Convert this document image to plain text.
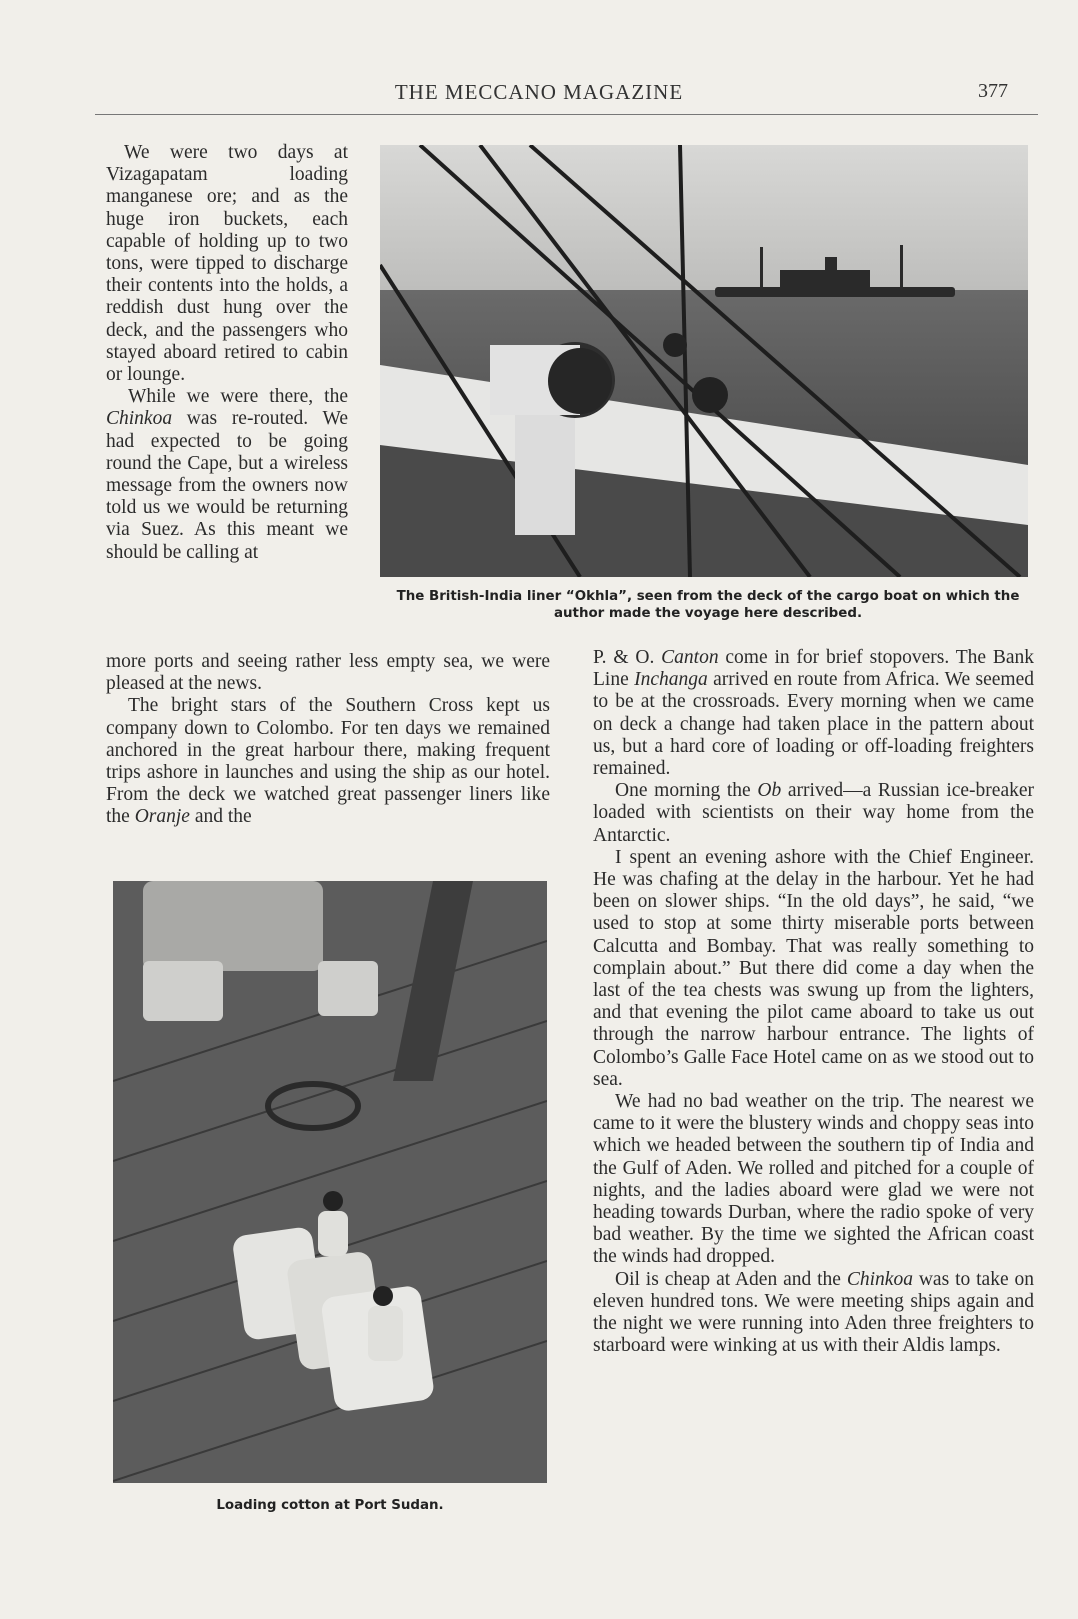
THE MECCANO MAGAZINE	377
The British-India liner “Okhla”, seen from the deck of the cargo boat on which the author made the voyage here described.

We were two days at Vizagapatam loading manganese ore; and as the huge iron buckets, each capable of holding up to two tons, were tipped to discharge their contents into the holds, a reddish dust hung over the deck, and the passengers who stayed aboard retired to cabin or lounge.

While we were there, the Chinkoa was re-routed. We had expected to be going round the Cape, but a wireless message from the owners now told us we would be returning via Suez. As this meant we should be calling at

more ports and seeing rather less empty sea, we were pleased at the news.

The bright stars of the Southern Cross kept us company down to Colombo. For ten days we remained anchored in the great harbour there, making frequent trips ashore in launches and using the ship as our hotel. From the deck we watched great passenger liners like the Oranje and the

Loading cotton at Port Sudan.

P. & O. Canton come in for brief stopovers. The Bank Line Inchanga arrived en route from Africa. We seemed to be at the crossroads. Every morning when we came on deck a change had taken place in the pattern about us, but a hard core of loading or off-loading freighters remained.

One morning the Ob arrived—a Russian ice-breaker loaded with scientists on their way home from the Antarctic.

I spent an evening ashore with the Chief Engineer. He was chafing at the delay in the harbour. Yet he had been on slower ships. “In the old days”, he said, “we used to stop at some thirty miserable ports between Calcutta and Bombay. That was really something to complain about.” But there did come a day when the last of the tea chests was swung up from the lighters, and that evening the pilot came aboard to take us out through the narrow harbour entrance. The lights of Colombo’s Galle Face Hotel came on as we stood out to sea.

We had no bad weather on the trip. The nearest we came to it were the blustery winds and choppy seas into which we headed between the southern tip of India and the Gulf of Aden. We rolled and pitched for a couple of nights, and the ladies aboard were glad we were not heading towards Durban, where the radio spoke of very bad weather. By the time we sighted the African coast the winds had dropped.

Oil is cheap at Aden and the Chinkoa was to take on eleven hundred tons. We were meeting ships again and the night we were running into Aden three freighters to starboard were winking at us with their Aldis lamps.
